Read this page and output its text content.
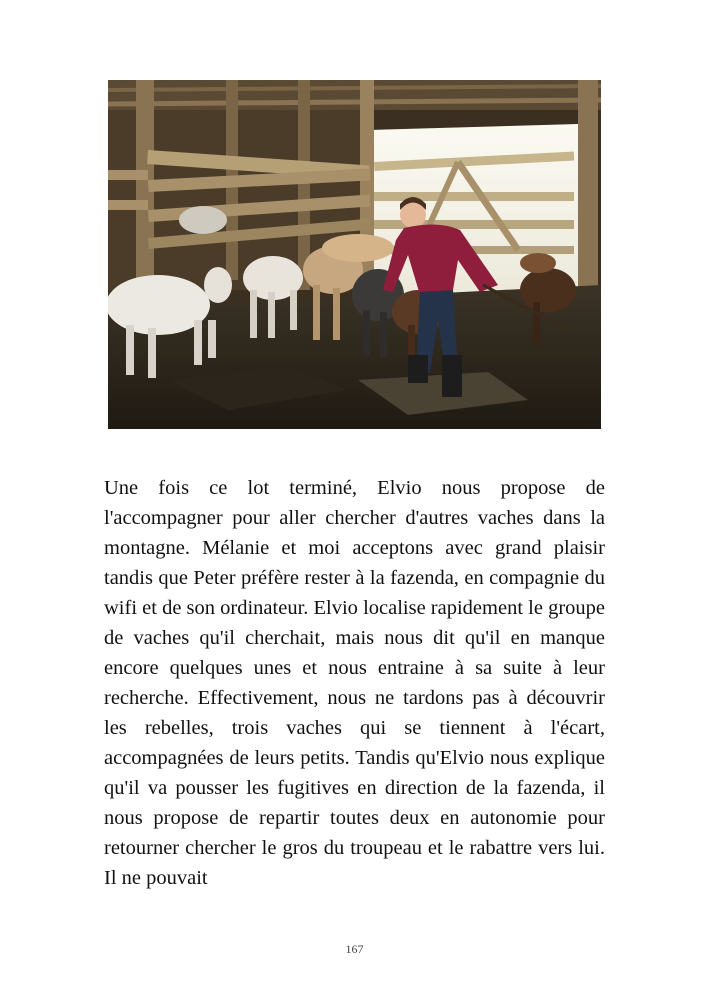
Une fois ce lot terminé, Elvio nous propose de l'accompagner pour aller chercher d'autres vaches dans la montagne. Mélanie et moi acceptons avec grand plaisir tandis que Peter préfère rester à la fazenda, en compagnie du wifi et de son ordinateur. Elvio localise rapidement le groupe de vaches qu'il cherchait, mais nous dit qu'il en manque encore quelques unes et nous entraine à sa suite à leur recherche. Effectivement, nous ne tardons pas à découvrir les rebelles, trois vaches qui se tiennent à l'écart, accompagnées de leurs petits. Tandis qu'Elvio nous explique qu'il va pousser les fugitives en direction de la fazenda, il nous propose de repartir toutes deux en autonomie pour retourner chercher le gros du troupeau et le rabattre vers lui. Il ne pouvait

167
